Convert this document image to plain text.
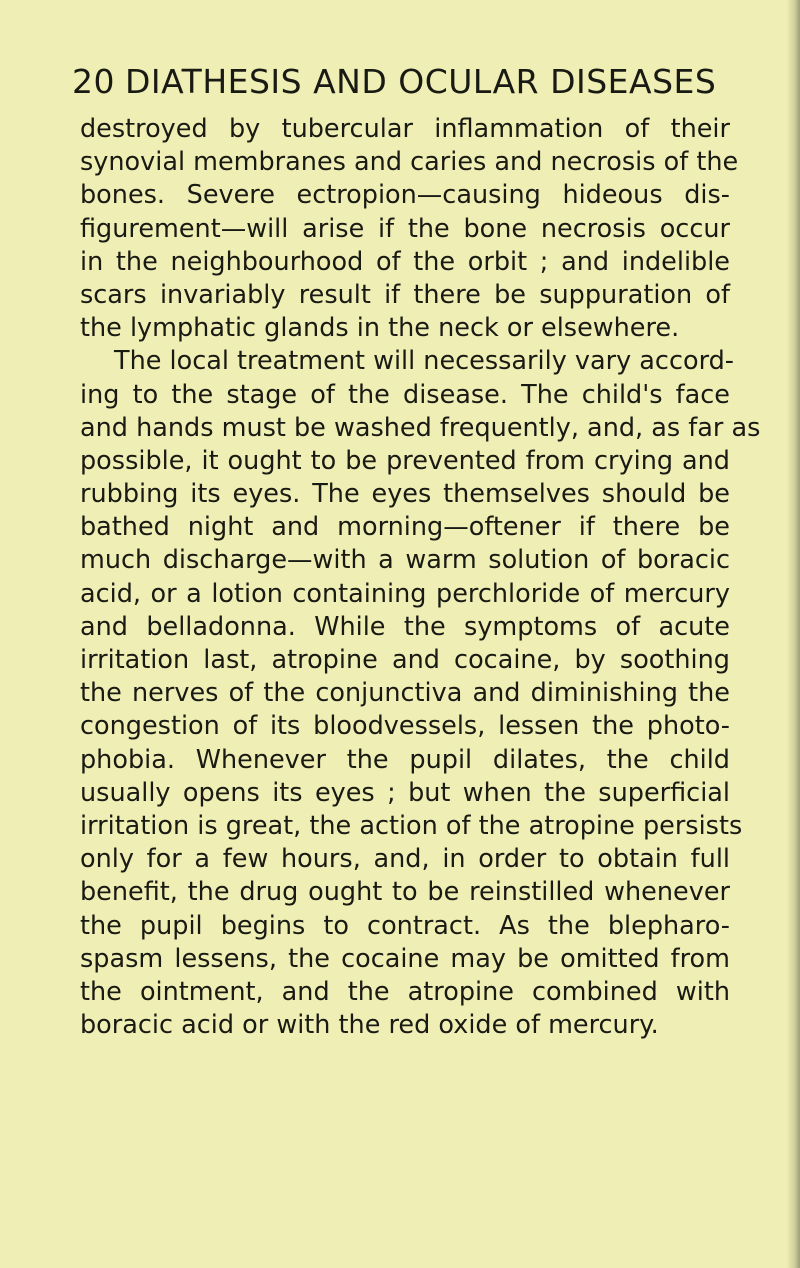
20 DIATHESIS AND OCULAR DISEASES
destroyed by tubercular inflammation of their
synovial membranes and caries and necrosis of the
bones. Severe ectropion—causing hideous dis-
figurement—will arise if the bone necrosis occur
in the neighbourhood of the orbit ; and indelible
scars invariably result if there be suppuration of
the lymphatic glands in the neck or elsewhere.
The local treatment will necessarily vary accord-
ing to the stage of the disease. The child's face
and hands must be washed frequently, and, as far as
possible, it ought to be prevented from crying and
rubbing its eyes. The eyes themselves should be
bathed night and morning—oftener if there be
much discharge—with a warm solution of boracic
acid, or a lotion containing perchloride of mercury
and belladonna. While the symptoms of acute
irritation last, atropine and cocaine, by soothing
the nerves of the conjunctiva and diminishing the
congestion of its bloodvessels, lessen the photo-
phobia. Whenever the pupil dilates, the child
usually opens its eyes ; but when the superficial
irritation is great, the action of the atropine persists
only for a few hours, and, in order to obtain full
benefit, the drug ought to be reinstilled whenever
the pupil begins to contract. As the blepharo-
spasm lessens, the cocaine may be omitted from
the ointment, and the atropine combined with
boracic acid or with the red oxide of mercury.
